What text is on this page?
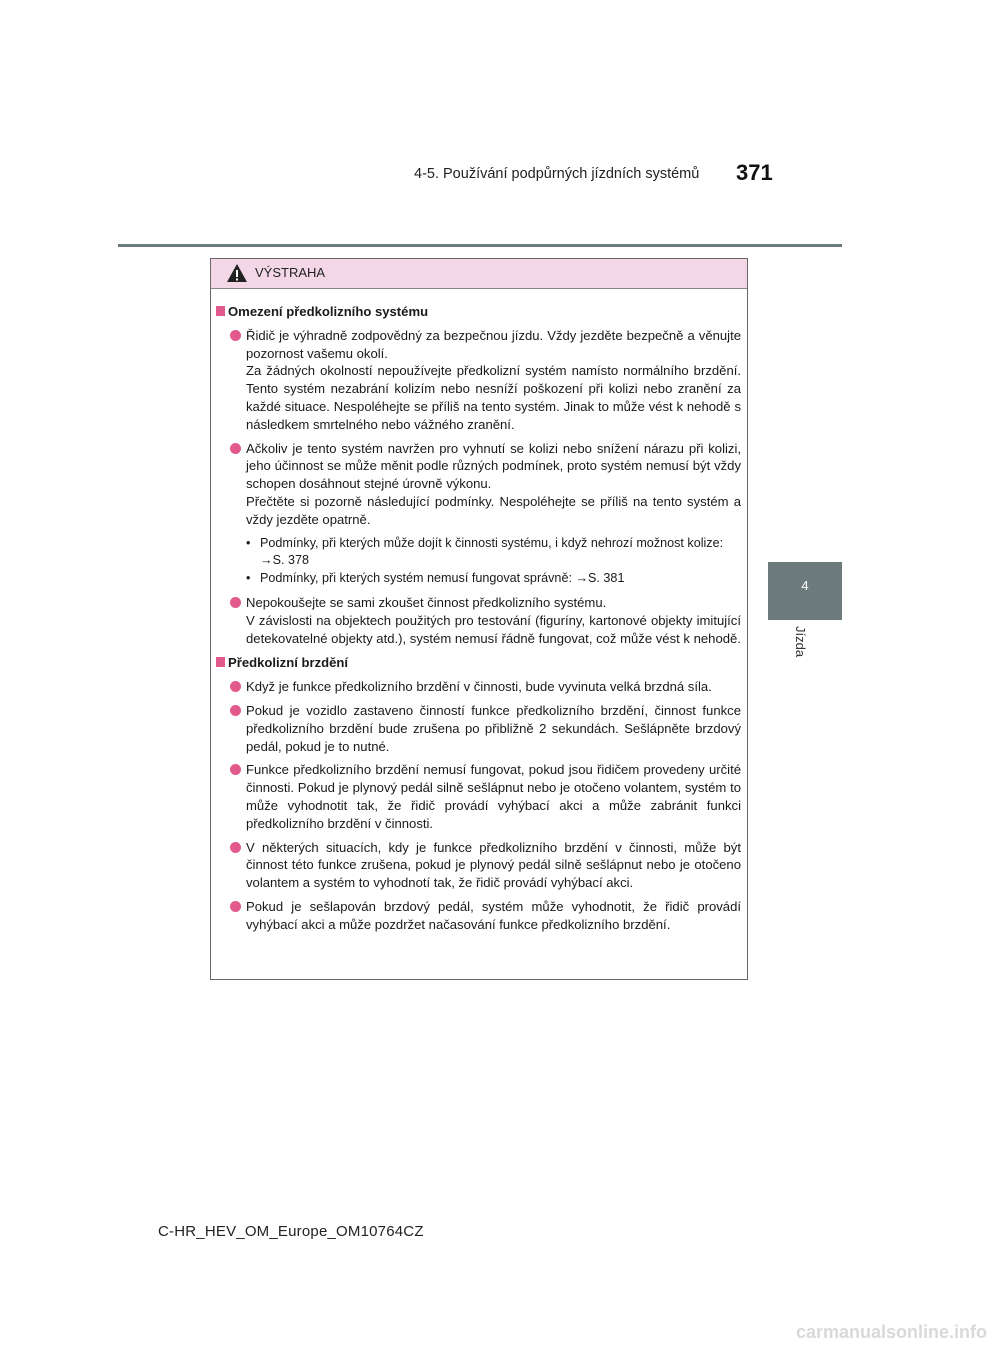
4-5. Používání podpůrných jízdních systémů 371
4
Jízda
VÝSTRAHA
Omezení předkolizního systému

Řidič je výhradně zodpovědný za bezpečnou jízdu. Vždy jezděte bezpečně a věnujte pozornost vašemu okolí.

Za žádných okolností nepoužívejte předkolizní systém namísto normálního brzdění. Tento systém nezabrání kolizím nebo nesníží poškození při kolizi nebo zranění za každé situace. Nespoléhejte se příliš na tento systém. Jinak to může vést k nehodě s následkem smrtelného nebo vážného zranění.

Ačkoliv je tento systém navržen pro vyhnutí se kolizi nebo snížení nárazu při kolizi, jeho účinnost se může měnit podle různých podmínek, proto systém nemusí být vždy schopen dosáhnout stejné úrovně výkonu.

Přečtěte si pozorně následující podmínky. Nespoléhejte se příliš na tento systém a vždy jezděte opatrně.

• Podmínky, při kterých může dojít k činnosti systému, i když nehrozí možnost kolize: →S. 378
• Podmínky, při kterých systém nemusí fungovat správně: →S. 381

Nepokoušejte se sami zkoušet činnost předkolizního systému.

V závislosti na objektech použitých pro testování (figuríny, kartonové objekty imitující detekovatelné objekty atd.), systém nemusí řádně fungovat, což může vést k nehodě.

Předkolizní brzdění

Když je funkce předkolizního brzdění v činnosti, bude vyvinuta velká brzdná síla.

Pokud je vozidlo zastaveno činností funkce předkolizního brzdění, činnost funkce předkolizního brzdění bude zrušena po přibližně 2 sekundách. Sešlápněte brzdový pedál, pokud je to nutné.

Funkce předkolizního brzdění nemusí fungovat, pokud jsou řidičem provedeny určité činnosti. Pokud je plynový pedál silně sešlápnut nebo je otočeno volantem, systém to může vyhodnotit tak, že řidič provádí vyhýbací akci a může zabránit funkci předkolizního brzdění v činnosti.

V některých situacích, kdy je funkce předkolizního brzdění v činnosti, může být činnost této funkce zrušena, pokud je plynový pedál silně sešlápnut nebo je otočeno volantem a systém to vyhodnotí tak, že řidič provádí vyhýbací akci.

Pokud je sešlapován brzdový pedál, systém může vyhodnotit, že řidič provádí vyhýbací akci a může pozdržet načasování funkce předkolizního brzdění.

C-HR_HEV_OM_Europe_OM10764CZ
carmanualsonline.info
